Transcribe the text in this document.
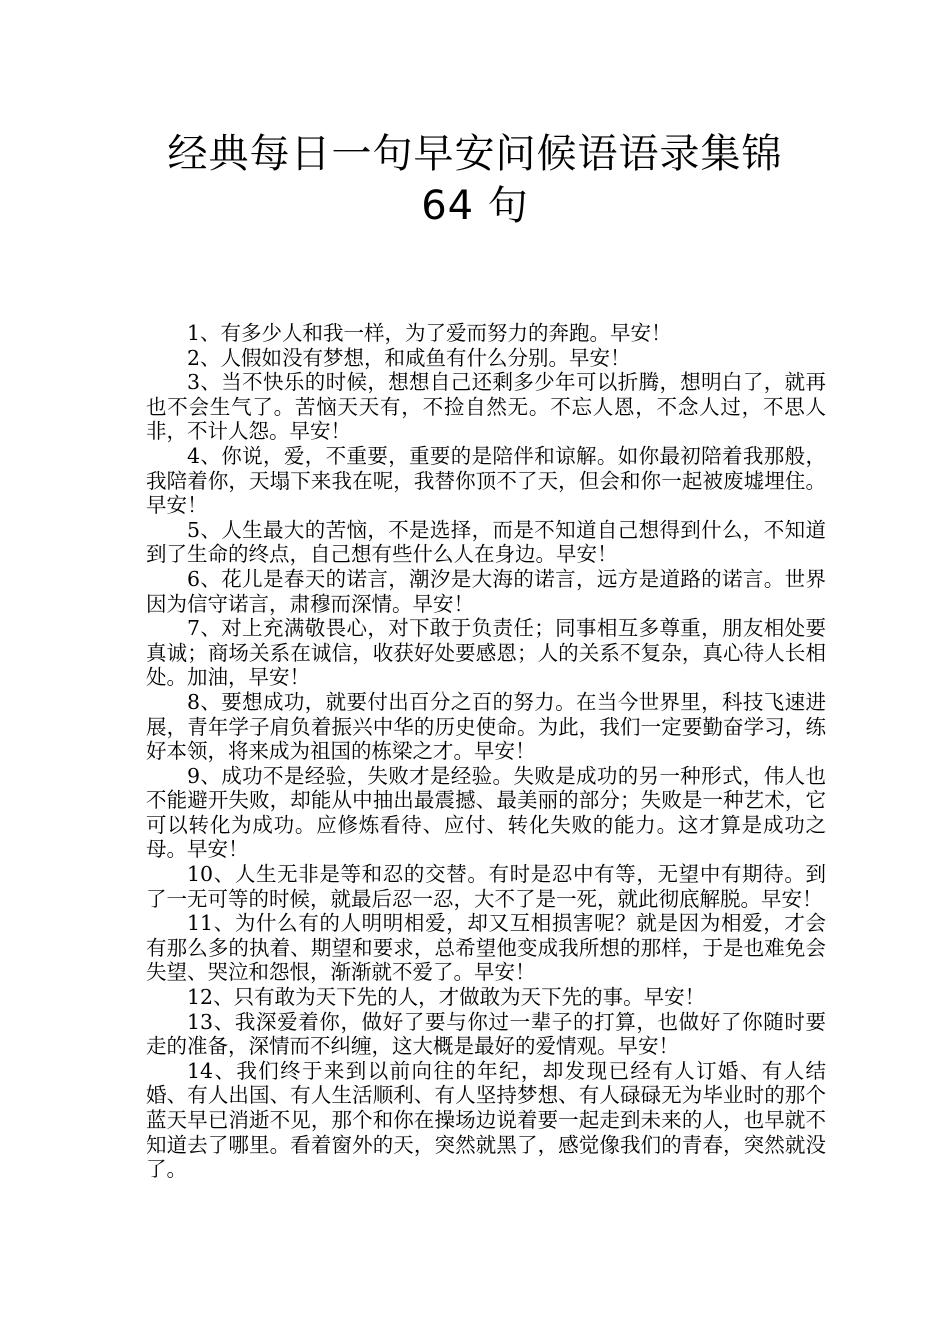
经典每日一句早安问候语语录集锦 64 句

1、有多少人和我一样，为了爱而努力的奔跑。早安！

2、人假如没有梦想，和咸鱼有什么分别。早安！

3、当不快乐的时候，想想自己还剩多少年可以折腾，想明白了，就再也不会生气了。苦恼天天有，不捡自然无。不忘人恩，不念人过，不思人非，不计人怨。早安！

4、你说，爱，不重要，重要的是陪伴和谅解。如你最初陪着我那般，我陪着你，天塌下来我在呢，我替你顶不了天，但会和你一起被废墟埋住。早安！

5、人生最大的苦恼，不是选择，而是不知道自己想得到什么，不知道到了生命的终点，自己想有些什么人在身边。早安！

6、花儿是春天的诺言，潮汐是大海的诺言，远方是道路的诺言。世界因为信守诺言，肃穆而深情。早安！

7、对上充满敬畏心，对下敢于负责任；同事相互多尊重，朋友相处要真诚；商场关系在诚信，收获好处要感恩；人的关系不复杂，真心待人长相处。加油，早安！

8、要想成功，就要付出百分之百的努力。在当今世界里，科技飞速进展，青年学子肩负着振兴中华的历史使命。为此，我们一定要勤奋学习，练好本领，将来成为祖国的栋梁之才。早安！

9、成功不是经验，失败才是经验。失败是成功的另一种形式，伟人也不能避开失败，却能从中抽出最震撼、最美丽的部分；失败是一种艺术，它可以转化为成功。应修炼看待、应付、转化失败的能力。这才算是成功之母。早安！

10、人生无非是等和忍的交替。有时是忍中有等，无望中有期待。到了一无可等的时候，就最后忍一忍，大不了是一死，就此彻底解脱。早安！

11、为什么有的人明明相爱，却又互相损害呢？就是因为相爱，才会有那么多的执着、期望和要求，总希望他变成我所想的那样，于是也难免会失望、哭泣和怨恨，渐渐就不爱了。早安！

12、只有敢为天下先的人，才做敢为天下先的事。早安！

13、我深爱着你，做好了要与你过一辈子的打算，也做好了你随时要走的准备，深情而不纠缠，这大概是最好的爱情观。早安！

14、我们终于来到以前向往的年纪，却发现已经有人订婚、有人结婚、有人出国、有人生活顺利、有人坚持梦想、有人碌碌无为毕业时的那个蓝天早已消逝不见，那个和你在操场边说着要一起走到未来的人，也早就不知道去了哪里。看着窗外的天，突然就黑了，感觉像我们的青春，突然就没了。
